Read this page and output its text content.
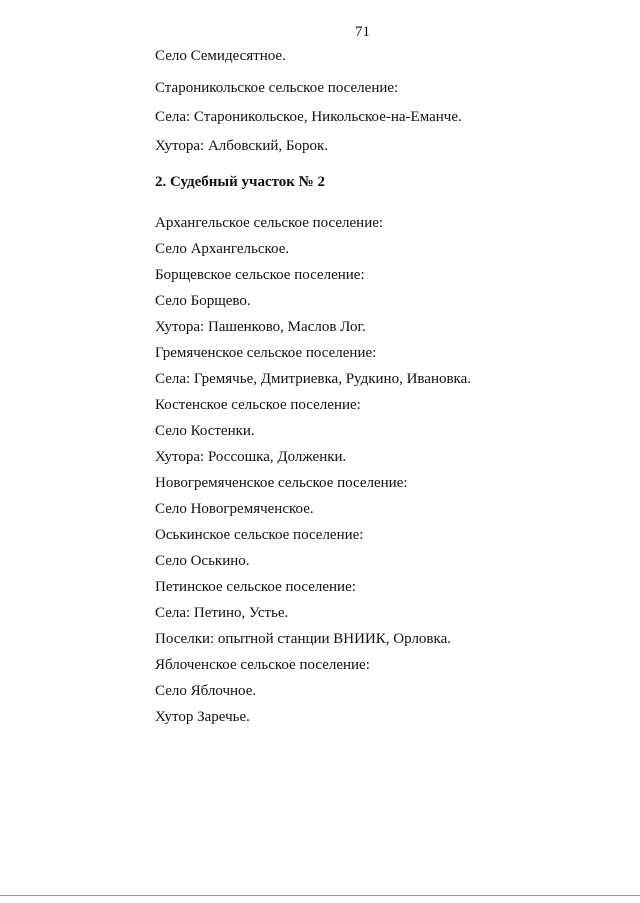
71
Село Семидесятное.
Староникольское сельское поселение:
Села: Староникольское, Никольское-на-Еманче.
Хутора: Албовский, Борок.
2. Судебный участок № 2
Архангельское сельское поселение:
Село Архангельское.
Борщевское сельское поселение:
Село Борщево.
Хутора: Пашенково, Маслов Лог.
Гремяченское сельское поселение:
Села: Гремячье, Дмитриевка, Рудкино, Ивановка.
Костенское сельское поселение:
Село Костенки.
Хутора: Россошка, Долженки.
Новогремяченское сельское поселение:
Село Новогремяченское.
Оськинское сельское поселение:
Село Оськино.
Петинское сельское поселение:
Села: Петино, Устье.
Поселки: опытной станции ВНИИК, Орловка.
Яблоченское сельское поселение:
Село Яблочное.
Хутор Заречье.
